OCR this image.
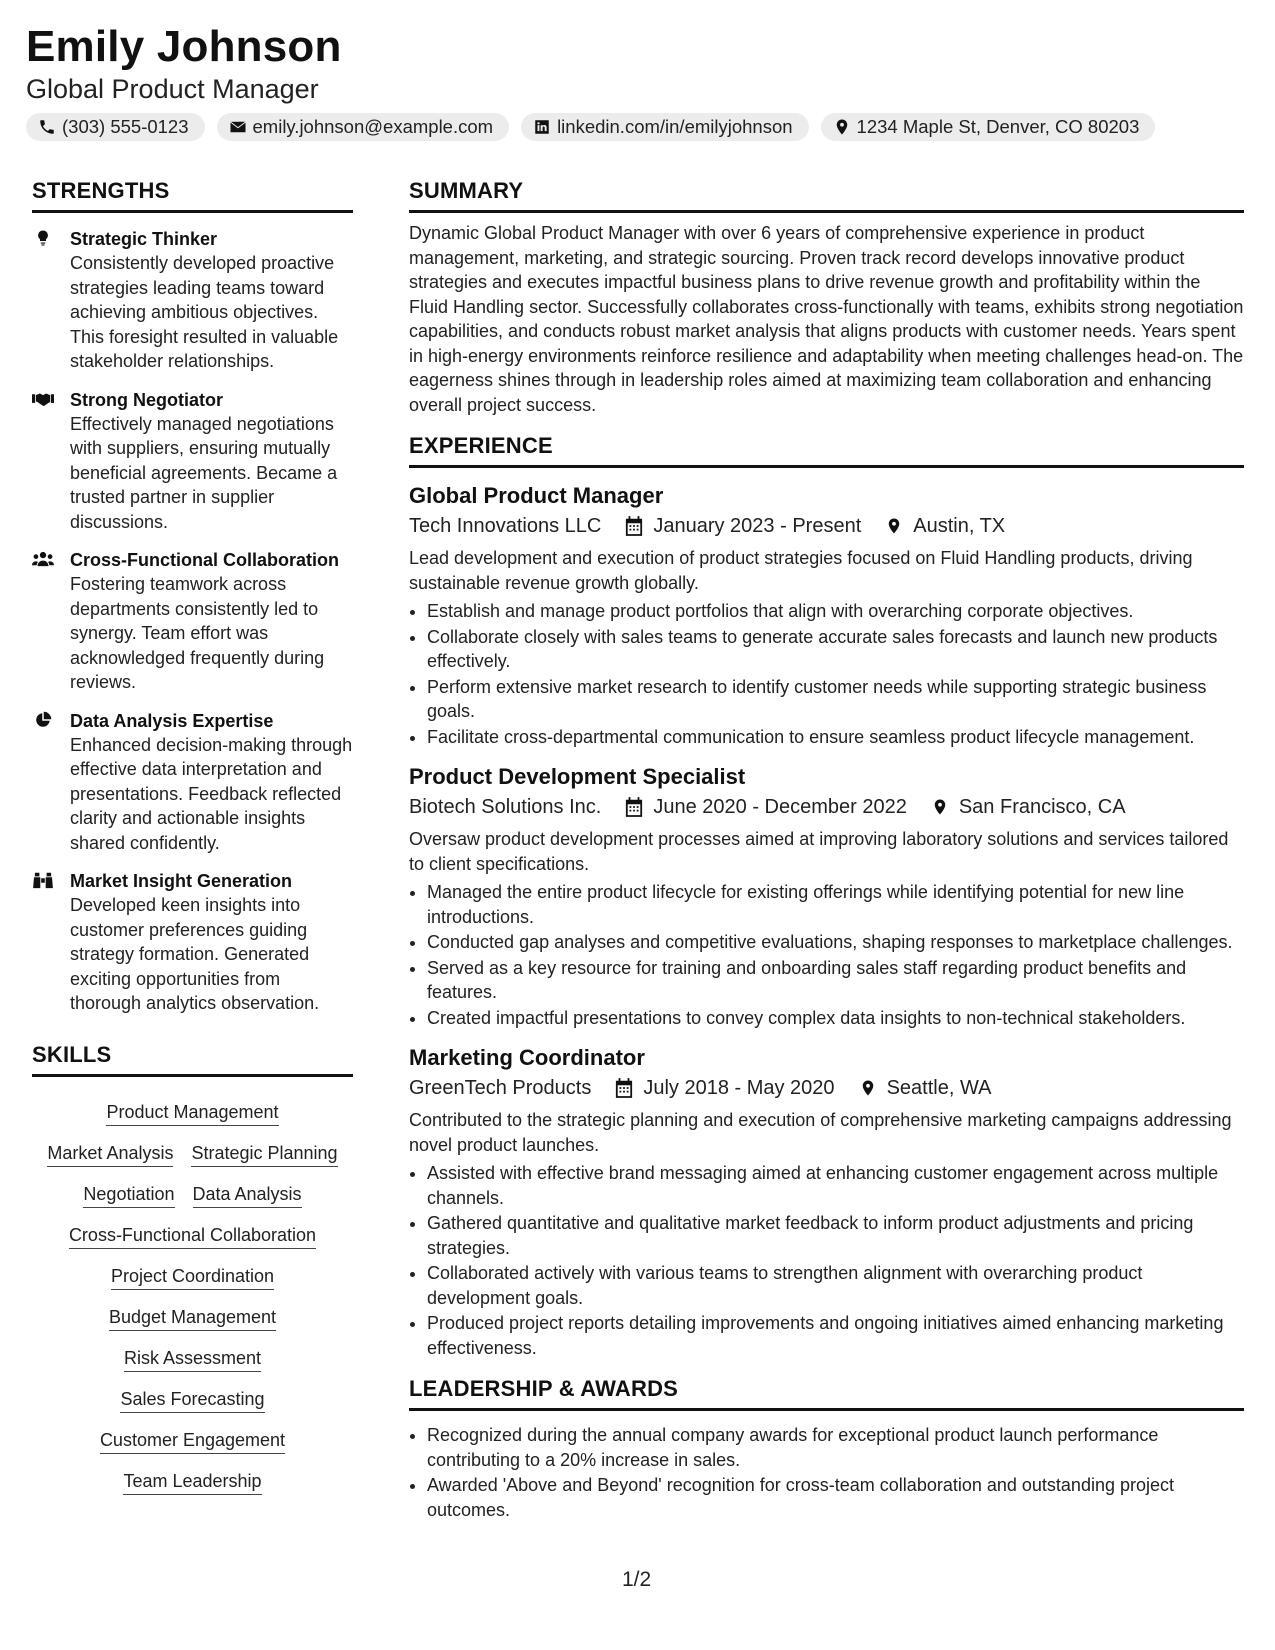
Emily Johnson
Global Product Manager
(303) 555-0123	emily.johnson@example.com	linkedin.com/in/emilyjohnson	1234 Maple St, Denver, CO 80203
STRENGTHS
Strategic Thinker
Consistently developed proactive strategies leading teams toward achieving ambitious objectives. This foresight resulted in valuable stakeholder relationships.
Strong Negotiator
Effectively managed negotiations with suppliers, ensuring mutually beneficial agreements. Became a trusted partner in supplier discussions.
Cross-Functional Collaboration
Fostering teamwork across departments consistently led to synergy. Team effort was acknowledged frequently during reviews.
Data Analysis Expertise
Enhanced decision-making through effective data interpretation and presentations. Feedback reflected clarity and actionable insights shared confidently.
Market Insight Generation
Developed keen insights into customer preferences guiding strategy formation. Generated exciting opportunities from thorough analytics observation.
SKILLS
Product Management
Market Analysis Strategic Planning
Negotiation Data Analysis
Cross-Functional Collaboration
Project Coordination
Budget Management
Risk Assessment
Sales Forecasting
Customer Engagement
Team Leadership
SUMMARY

Dynamic Global Product Manager with over 6 years of comprehensive experience in product management, marketing, and strategic sourcing. Proven track record develops innovative product strategies and executes impactful business plans to drive revenue growth and profitability within the Fluid Handling sector. Successfully collaborates cross-functionally with teams, exhibits strong negotiation capabilities, and conducts robust market analysis that aligns products with customer needs. Years spent in high-energy environments reinforce resilience and adaptability when meeting challenges head-on. The eagerness shines through in leadership roles aimed at maximizing team collaboration and enhancing overall project success.

EXPERIENCE
Global Product Manager
Tech Innovations LLC	January 2023 - Present	Austin, TX

Lead development and execution of product strategies focused on Fluid Handling products, driving sustainable revenue growth globally.

• Establish and manage product portfolios that align with overarching corporate objectives.
• Collaborate closely with sales teams to generate accurate sales forecasts and launch new products effectively.
• Perform extensive market research to identify customer needs while supporting strategic business goals.
• Facilitate cross-departmental communication to ensure seamless product lifecycle management.
Product Development Specialist
Biotech Solutions Inc.	June 2020 - December 2022	San Francisco, CA

Oversaw product development processes aimed at improving laboratory solutions and services tailored to client specifications.

• Managed the entire product lifecycle for existing offerings while identifying potential for new line introductions.
• Conducted gap analyses and competitive evaluations, shaping responses to marketplace challenges.
• Served as a key resource for training and onboarding sales staff regarding product benefits and features.
• Created impactful presentations to convey complex data insights to non-technical stakeholders.
Marketing Coordinator
GreenTech Products	July 2018 - May 2020	Seattle, WA

Contributed to the strategic planning and execution of comprehensive marketing campaigns addressing novel product launches.

• Assisted with effective brand messaging aimed at enhancing customer engagement across multiple channels.
• Gathered quantitative and qualitative market feedback to inform product adjustments and pricing strategies.
• Collaborated actively with various teams to strengthen alignment with overarching product development goals.
• Produced project reports detailing improvements and ongoing initiatives aimed enhancing marketing effectiveness.
LEADERSHIP & AWARDS
• Recognized during the annual company awards for exceptional product launch performance contributing to a 20% increase in sales.
• Awarded 'Above and Beyond' recognition for cross-team collaboration and outstanding project outcomes.
1/2
